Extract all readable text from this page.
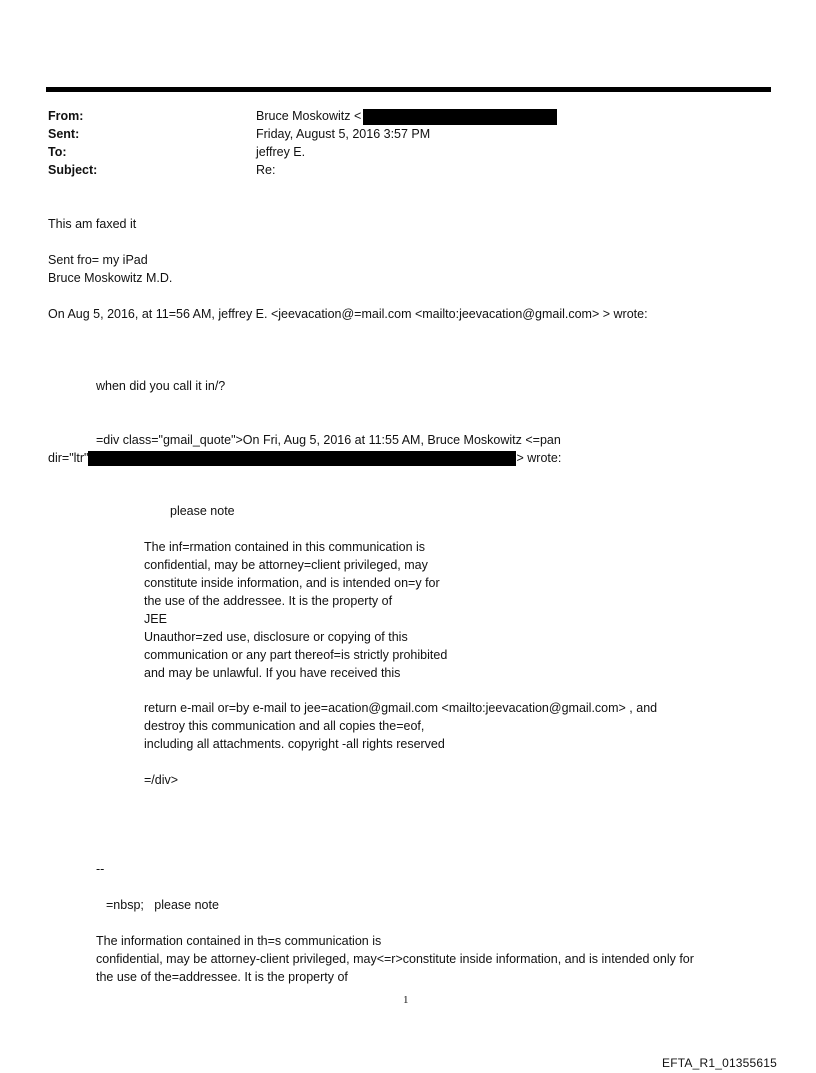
From:	Bruce Moskowitz <
Sent:	Friday, August 5, 2016 3:57 PM
To:	jeffrey E.
Subject:	Re:
This am faxed it
Sent fro= my iPad
Bruce Moskowitz M.D.
On Aug 5, 2016, at 11=56 AM, jeffrey E. <jeevacation@=mail.com <mailto:jeevacation@gmail.com> > wrote:
when did you call it in/?
=div class="gmail_quote">On Fri, Aug 5, 2016 at 11:55 AM, Bruce Moskowitz <=pan
dir="ltr"	> wrote:
please note
The inf=rmation contained in this communication is
confidential, may be attorney=client privileged, may
constitute inside information, and is intended on=y for
the use of the addressee. It is the property of
JEE
Unauthor=zed use, disclosure or copying of this
communication or any part thereof=is strictly prohibited
and may be unlawful. If you have received this
return e-mail or=by e-mail to jee=acation@gmail.com <mailto:jeevacation@gmail.com> , and
destroy this communication and all copies the=eof,
including all attachments. copyright -all rights reserved
=/div>
--
=nbsp;   please note
The information contained in th=s communication is
confidential, may be attorney-client privileged, may<=r>constitute inside information, and is intended only for
the use of the=addressee. It is the property of
1
EFTA_R1_01355615
